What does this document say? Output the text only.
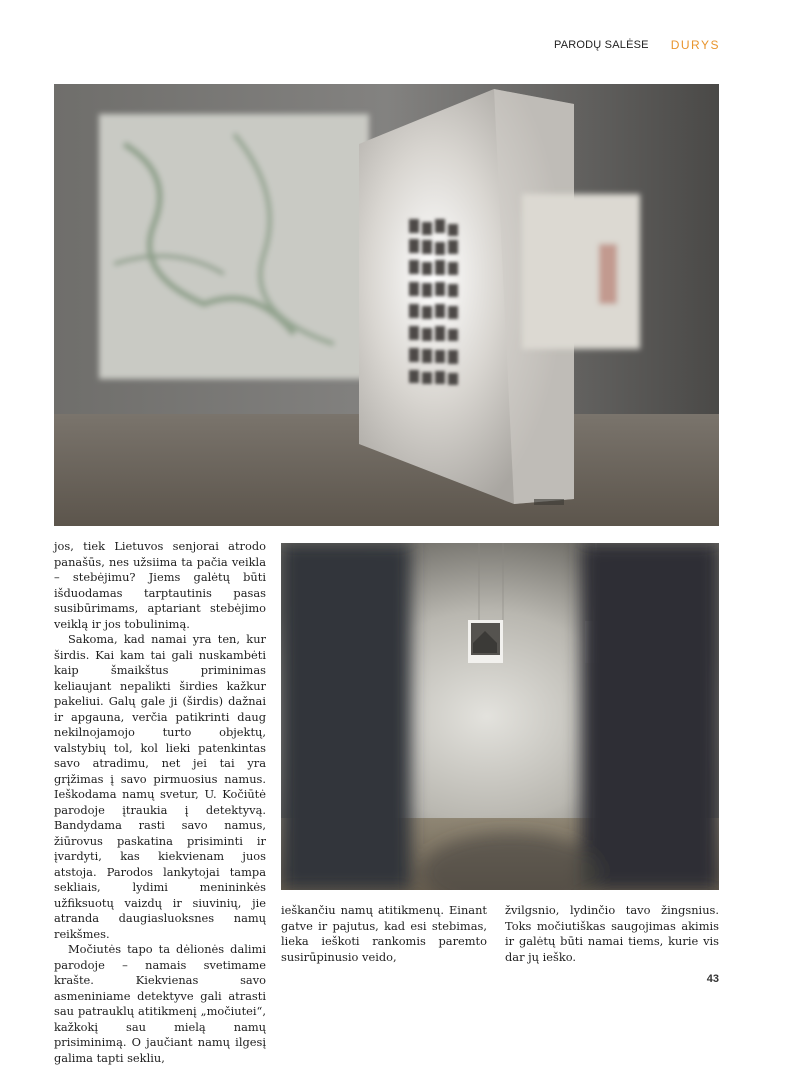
PARODŲ SALĖSE DURYS

jos, tiek Lietuvos senjorai atrodo panašūs, nes užsiima ta pačia veikla – stebėjimu? Jiems galėtų būti išduodamas tarptautinis pasas susibūrimams, aptariant stebėjimo veiklą ir jos tobulinimą.

Sakoma, kad namai yra ten, kur širdis. Kai kam tai gali nuskambėti kaip šmaikštus priminimas keliaujant nepalikti širdies kažkur pakeliui. Galų gale ji (širdis) dažnai ir apgauna, verčia patikrinti daug nekilnojamojo turto objektų, valstybių tol, kol lieki patenkintas savo atradimu, net jei tai yra grįžimas į savo pirmuosius namus. Ieškodama namų svetur, U. Kočiūtė parodoje įtraukia į detektyvą. Bandydama rasti savo namus, žiūrovus paskatina prisiminti ir įvardyti, kas kiekvienam juos atstoja. Parodos lankytojai tampa sekliais, lydimi menininkės užfiksuotų vaizdų ir siuvinių, jie atranda daugiasluoksnes namų reikšmes.

Močiutės tapo ta dėlionės dalimi parodoje – namais svetimame krašte. Kiekvienas savo asmeniniame detektyve gali atrasti sau patrauklų atitikmenį „močiutei“, kažkokį sau mielą namų prisiminimą. O jaučiant namų ilgesį galima tapti sekliu,

ieškančiu namų atitikmenų. Einant gatve ir pajutus, kad esi stebimas, lieka ieškoti rankomis paremto susirūpinusio veido,

žvilgsnio, lydinčio tavo žingsnius. Toks močiutiškas saugojimas akimis ir galėtų būti namai tiems, kurie vis dar jų ieško.

43
